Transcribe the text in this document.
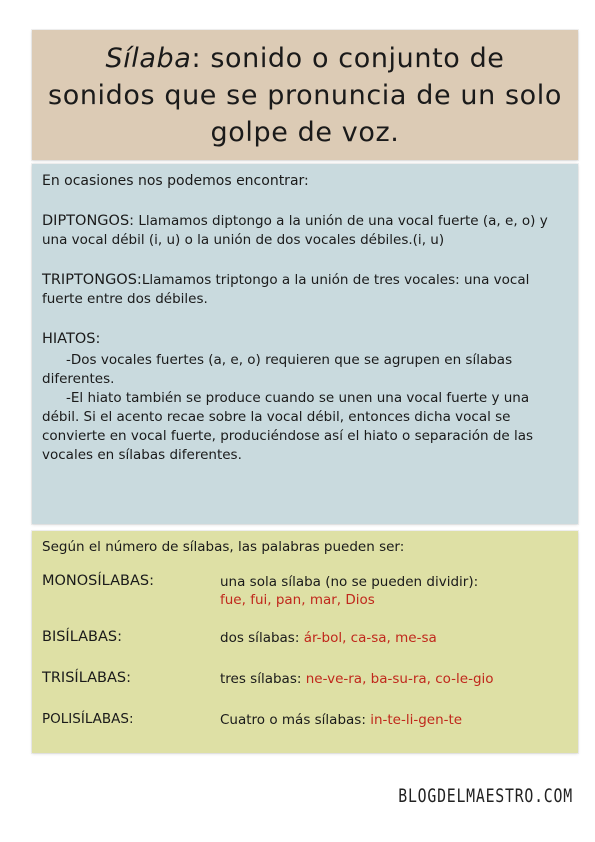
Sílaba: sonido o conjunto de sonidos que se pronuncia de un solo golpe de voz.

En ocasiones nos podemos encontrar:

DIPTONGOS: Llamamos diptongo a la unión de una vocal fuerte (a, e, o) y una vocal débil (i, u) o la unión de dos vocales débiles.(i, u)

TRIPTONGOS:Llamamos triptongo a la unión de tres vocales: una vocal fuerte entre dos débiles.

HIATOS:

-Dos vocales fuertes (a, e, o) requieren que se agrupen en sílabas diferentes.

-El hiato también se produce cuando se unen una vocal fuerte y una débil. Si el acento recae sobre la vocal débil, entonces dicha vocal se convierte en vocal fuerte, produciéndose así el hiato o separación de las vocales en sílabas diferentes.

Según el número de sílabas, las palabras pueden ser:

MONOSÍLABAS:	una sola sílaba (no se pueden dividir):
fue, fui, pan, mar, Dios
BISÍLABAS:	dos sílabas: ár-bol, ca-sa, me-sa
TRISÍLABAS:	tres sílabas: ne-ve-ra, ba-su-ra, co-le-gio
POLISÍLABAS:	Cuatro o más sílabas: in-te-li-gen-te
BLOGDELMAESTRO.COM
